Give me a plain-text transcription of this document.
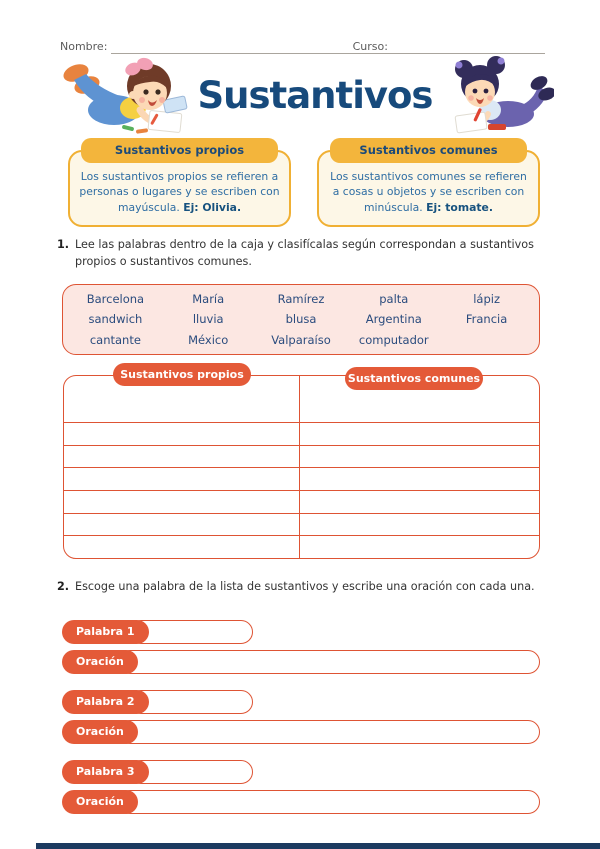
Nombre:	Curso:
Sustantivos
Sustantivos propios
Los sustantivos propios se refieren a personas o lugares y se escriben con mayúscula. Ej: Olivia.
Sustantivos comunes
Los sustantivos comunes se refieren a cosas u objetos y se escriben con minúscula. Ej: tomate.
1. Lee las palabras dentro de la caja y clasifícalas según correspondan a sustantivos propios o sustantivos comunes.
Barcelona	María	Ramírez	palta	lápiz
sandwich	lluvia	blusa	Argentina	Francia
cantante	México	Valparaíso	computador
Sustantivos propios	Sustantivos comunes
2. Escoge una palabra de la lista de sustantivos y escribe una oración con cada una.
Palabra 1
Oración
Palabra 2
Oración
Palabra 3
Oración
